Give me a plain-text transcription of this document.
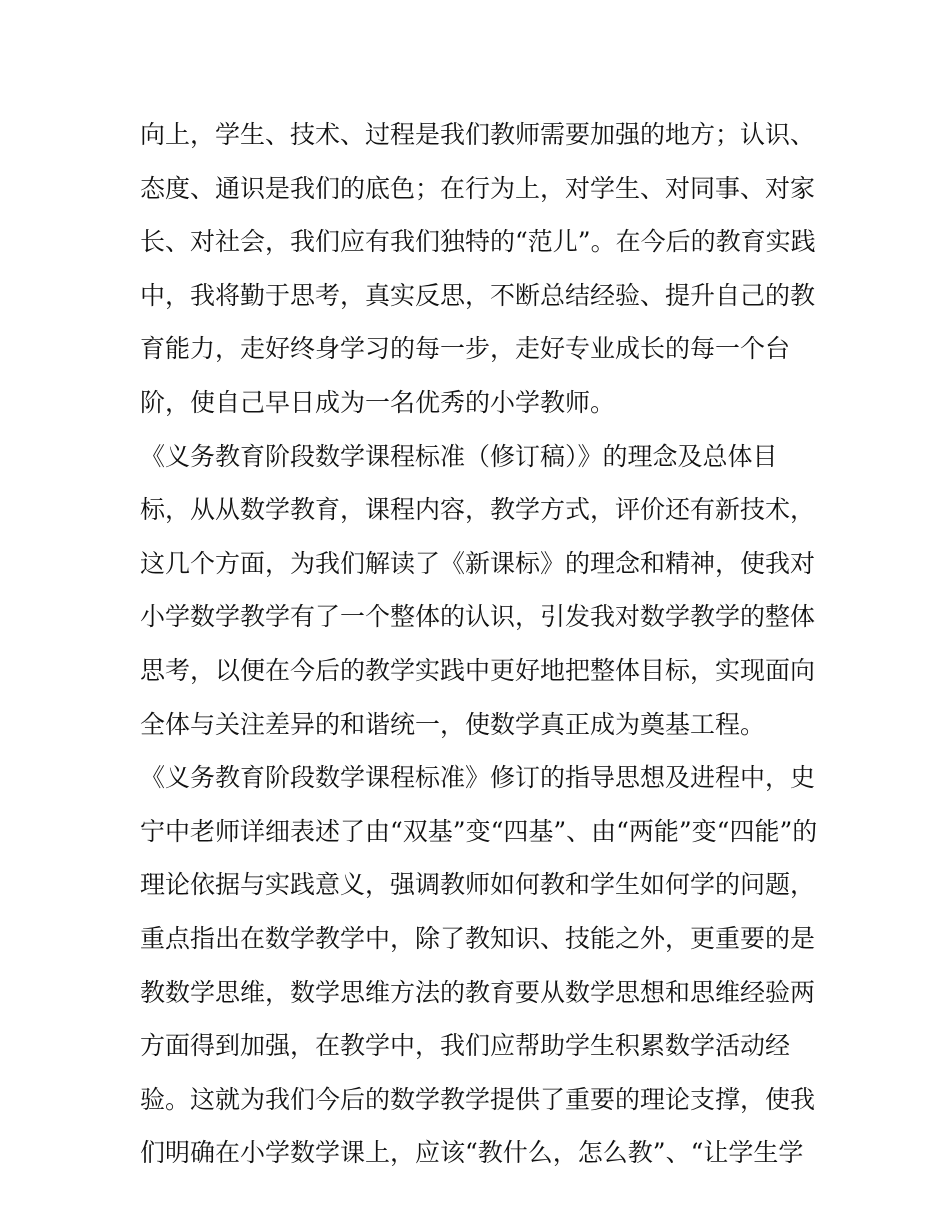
向上，学生、技术、过程是我们教师需要加强的地方；认识、
态度、通识是我们的底色；在行为上，对学生、对同事、对家
长、对社会，我们应有我们独特的“范儿”。在今后的教育实践
中，我将勤于思考，真实反思，不断总结经验、提升自己的教
育能力，走好终身学习的每一步，走好专业成长的每一个台
阶，使自己早日成为一名优秀的小学教师。
《义务教育阶段数学课程标准（修订稿）》的理念及总体目
标，从从数学教育，课程内容，教学方式，评价还有新技术，
这几个方面，为我们解读了《新课标》的理念和精神，使我对
小学数学教学有了一个整体的认识，引发我对数学教学的整体
思考，以便在今后的教学实践中更好地把整体目标，实现面向
全体与关注差异的和谐统一，使数学真正成为奠基工程。
《义务教育阶段数学课程标准》修订的指导思想及进程中，史
宁中老师详细表述了由“双基”变“四基”、由“两能”变“四能”的
理论依据与实践意义，强调教师如何教和学生如何学的问题，
重点指出在数学教学中，除了教知识、技能之外，更重要的是
教数学思维，数学思维方法的教育要从数学思想和思维经验两
方面得到加强，在教学中，我们应帮助学生积累数学活动经
验。这就为我们今后的数学教学提供了重要的理论支撑，使我
们明确在小学数学课上，应该“教什么，怎么教”、“让学生学
